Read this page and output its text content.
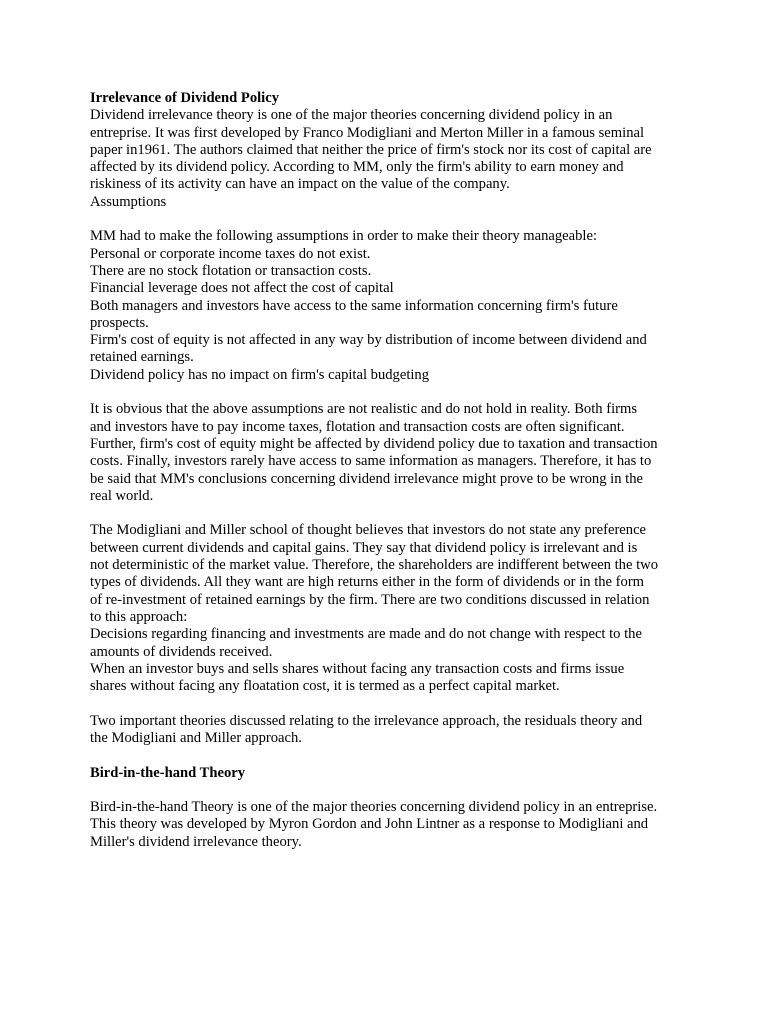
Irrelevance of Dividend Policy
Dividend irrelevance theory is one of the major theories concerning dividend policy in an
entreprise. It was first developed by Franco Modigliani and Merton Miller in a famous seminal
paper in1961. The authors claimed that neither the price of firm's stock nor its cost of capital are
affected by its dividend policy. According to MM, only the firm's ability to earn money and
riskiness of its activity can have an impact on the value of the company.
Assumptions
MM had to make the following assumptions in order to make their theory manageable:
Personal or corporate income taxes do not exist.
There are no stock flotation or transaction costs.
Financial leverage does not affect the cost of capital
Both managers and investors have access to the same information concerning firm's future
prospects.
Firm's cost of equity is not affected in any way by distribution of income between dividend and
retained earnings.
Dividend policy has no impact on firm's capital budgeting
It is obvious that the above assumptions are not realistic and do not hold in reality. Both firms
and investors have to pay income taxes, flotation and transaction costs are often significant.
Further, firm's cost of equity might be affected by dividend policy due to taxation and transaction
costs. Finally, investors rarely have access to same information as managers. Therefore, it has to
be said that MM's conclusions concerning dividend irrelevance might prove to be wrong in the
real world.
The Modigliani and Miller school of thought believes that investors do not state any preference
between current dividends and capital gains. They say that dividend policy is irrelevant and is
not deterministic of the market value. Therefore, the shareholders are indifferent between the two
types of dividends. All they want are high returns either in the form of dividends or in the form
of re-investment of retained earnings by the firm. There are two conditions discussed in relation
to this approach:
Decisions regarding financing and investments are made and do not change with respect to the
amounts of dividends received.
When an investor buys and sells shares without facing any transaction costs and firms issue
shares without facing any floatation cost, it is termed as a perfect capital market.
Two important theories discussed relating to the irrelevance approach, the residuals theory and
the Modigliani and Miller approach.
Bird-in-the-hand Theory
Bird-in-the-hand Theory is one of the major theories concerning dividend policy in an entreprise.
This theory was developed by Myron Gordon and John Lintner as a response to Modigliani and
Miller's dividend irrelevance theory.
